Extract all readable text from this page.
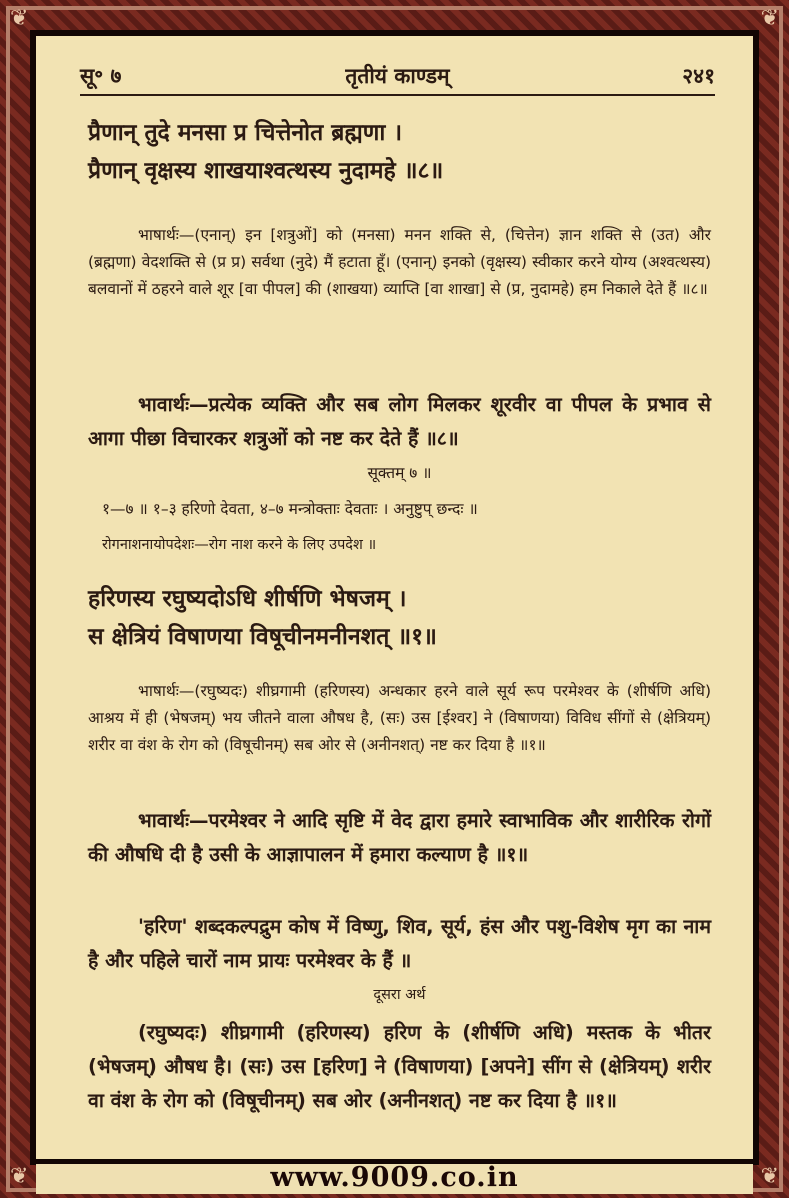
❦	❦
❦	❦
सू॰ ७	तृतीयं काण्डम्	२४१
प्रैणान् तुदे मनसा प्र चित्तेनोत ब्रह्मणा ।
प्रैणान् वृक्षस्य शाखयाश्वत्थस्य नुदामहे ॥८॥
भाषार्थः—(एनान्) इन [शत्रुओं] को (मनसा) मनन शक्ति से, (चित्तेन) ज्ञान शक्ति से (उत) और (ब्रह्मणा) वेदशक्ति से (प्र प्र) सर्वथा (नुदे) मैं हटाता हूँ। (एनान्) इनको (वृक्षस्य) स्वीकार करने योग्य (अश्वत्थस्य) बलवानों में ठहरने वाले शूर [वा पीपल] की (शाखया) व्याप्ति [वा शाखा] से (प्र, नुदामहे) हम निकाले देते हैं ॥८॥
भावार्थः—प्रत्येक व्यक्ति और सब लोग मिलकर शूरवीर वा पीपल के प्रभाव से आगा पीछा विचारकर शत्रुओं को नष्ट कर देते हैं ॥८॥
सूक्तम् ७ ॥
१—७ ॥ १–३ हरिणो देवता, ४–७ मन्त्रोक्ताः देवताः । अनुष्टुप् छन्दः ॥
रोगनाशनायोपदेशः—रोग नाश करने के लिए उपदेश ॥
हरिणस्य रघुष्यदोऽधि शीर्षणि भेषजम् ।
स क्षेत्रियं विषाणया विषूचीनमनीनशत् ॥१॥
भाषार्थः—(रघुष्यदः) शीघ्रगामी (हरिणस्य) अन्धकार हरने वाले सूर्य रूप परमेश्वर के (शीर्षणि अधि) आश्रय में ही (भेषजम्) भय जीतने वाला औषध है, (सः) उस [ईश्वर] ने (विषाणया) विविध सींगों से (क्षेत्रियम्) शरीर वा वंश के रोग को (विषूचीनम्) सब ओर से (अनीनशत्) नष्ट कर दिया है ॥१॥
भावार्थः—परमेश्वर ने आदि सृष्टि में वेद द्वारा हमारे स्वाभाविक और शारीरिक रोगों की औषधि दी है उसी के आज्ञापालन में हमारा कल्याण है ॥१॥
'हरिण' शब्दकल्पद्रुम कोष में विष्णु, शिव, सूर्य, हंस और पशु-विशेष मृग का नाम है और पहिले चारों नाम प्रायः परमेश्वर के हैं ॥
दूसरा अर्थ
(रघुष्यदः) शीघ्रगामी (हरिणस्य) हरिण के (शीर्षणि अधि) मस्तक के भीतर (भेषजम्) औषध है। (सः) उस [हरिण] ने (विषाणया) [अपने] सींग से (क्षेत्रियम्) शरीर वा वंश के रोग को (विषूचीनम्) सब ओर (अनीनशत्) नष्ट कर दिया है ॥१॥
www.9009.co.in
